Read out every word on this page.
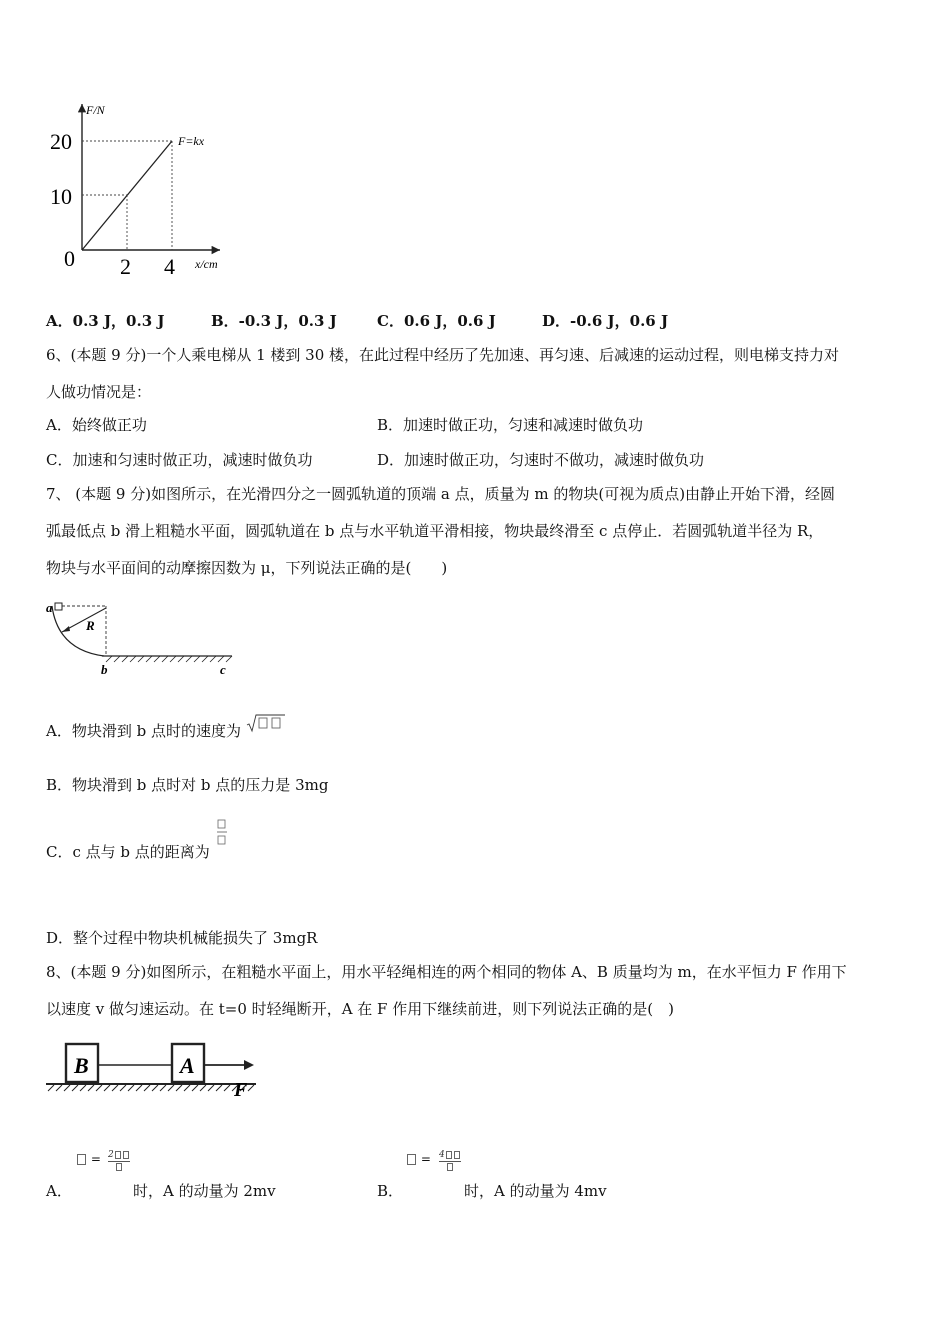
F/N
x/cm
F=kx
20
10
0 2 4
A．0.3 J，0.3 J	B．-0.3 J，0.3 J	C．0.6 J，0.6 J	D．-0.6 J，0.6 J
6、(本题 9 分)一个人乘电梯从 1 楼到 30 楼，在此过程中经历了先加速、再匀速、后减速的运动过程，则电梯支持力对
人做功情况是：
A．始终做正功	B．加速时做正功，匀速和减速时做负功
C．加速和匀速时做正功，减速时做负功	D．加速时做正功，匀速时不做功，减速时做负功
7、 (本题 9 分)如图所示，在光滑四分之一圆弧轨道的顶端 a 点，质量为 m 的物块(可视为质点)由静止开始下滑，经圆
弧最低点 b 滑上粗糙水平面，圆弧轨道在 b 点与水平轨道平滑相接，物块最终滑至 c 点停止．若圆弧轨道半径为 R，
物块与水平面间的动摩擦因数为 μ，下列说法正确的是(　　)
a
R
b	c
A．物块滑到 b 点时的速度为
B．物块滑到 b 点时对 b 点的压力是 3mg
C．c 点与 b 点的距离为
D．整个过程中物块机械能损失了 3mgR
8、(本题 9 分)如图所示，在粗糙水平面上，用水平轻绳相连的两个相同的物体 A、B 质量均为 m，在水平恒力 F 作用下
以速度 v 做匀速运动。在 t=0 时轻绳断开，A 在 F 作用下继续前进，则下列说法正确的是(　)
B	A
F
= 2
A．	时，A 的动量为 2mv
= 4
B．	时，A 的动量为 4mv
